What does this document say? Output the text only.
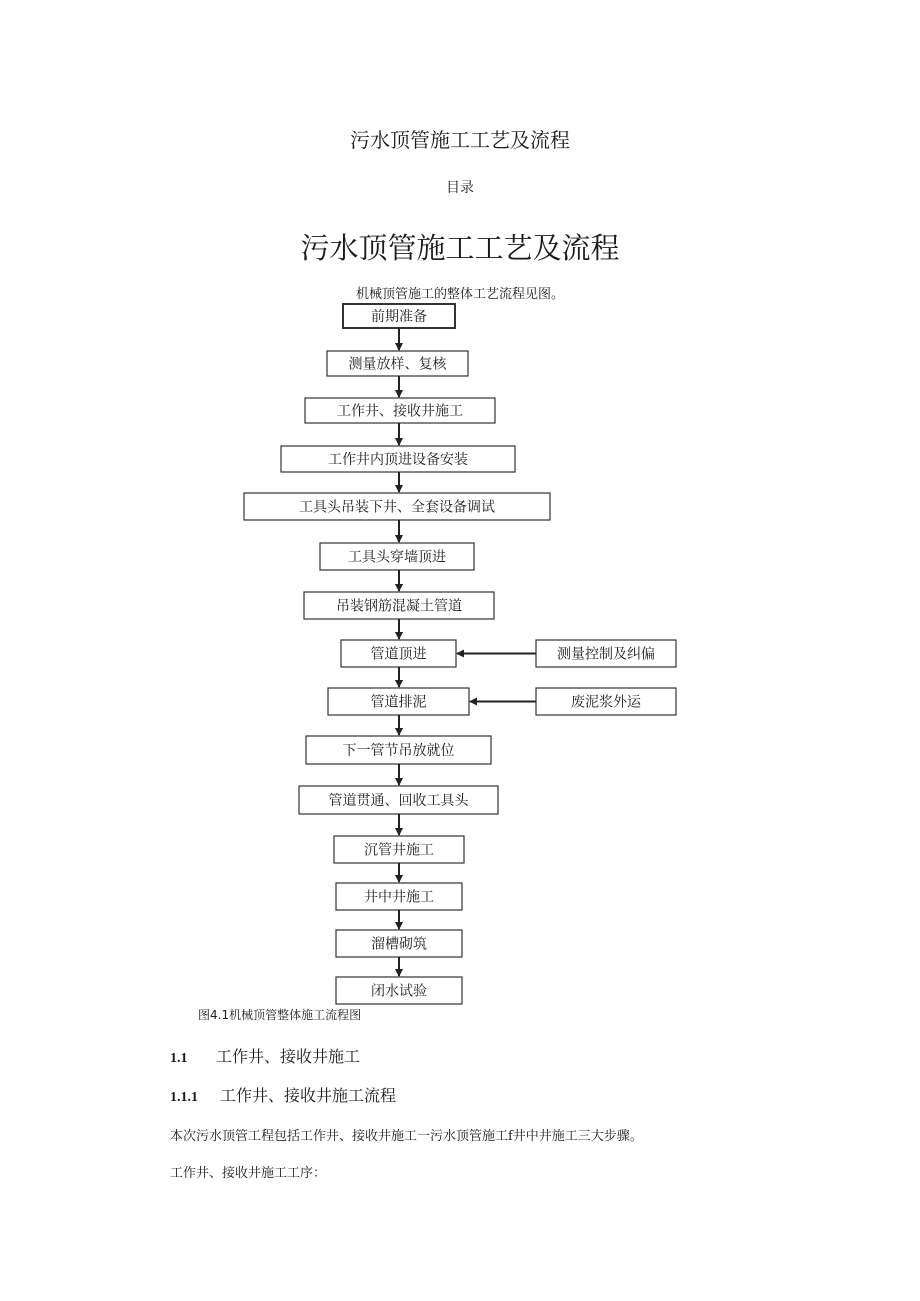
污水顶管施工工艺及流程
目录
污水顶管施工工艺及流程
机械顶管施工的整体工艺流程见图。
前期准备
测量放样、复核
工作井、接收井施工
工作井内顶进设备安装
工具头吊装下井、全套设备调试
工具头穿墙顶进
吊装钢筋混凝土管道
管道顶进
管道排泥
下一管节吊放就位
管道贯通、回收工具头
沉管井施工
井中井施工
溜槽砌筑
闭水试验
测量控制及纠偏
废泥浆外运
图4.1机械顶管整体施工流程图
1.1 工作井、接收井施工
1.1.1 工作井、接收井施工流程
本次污水顶管工程包括工作井、接收井施工一污水顶管施工f井中井施工三大步骤。
工作井、接收井施工工序：
